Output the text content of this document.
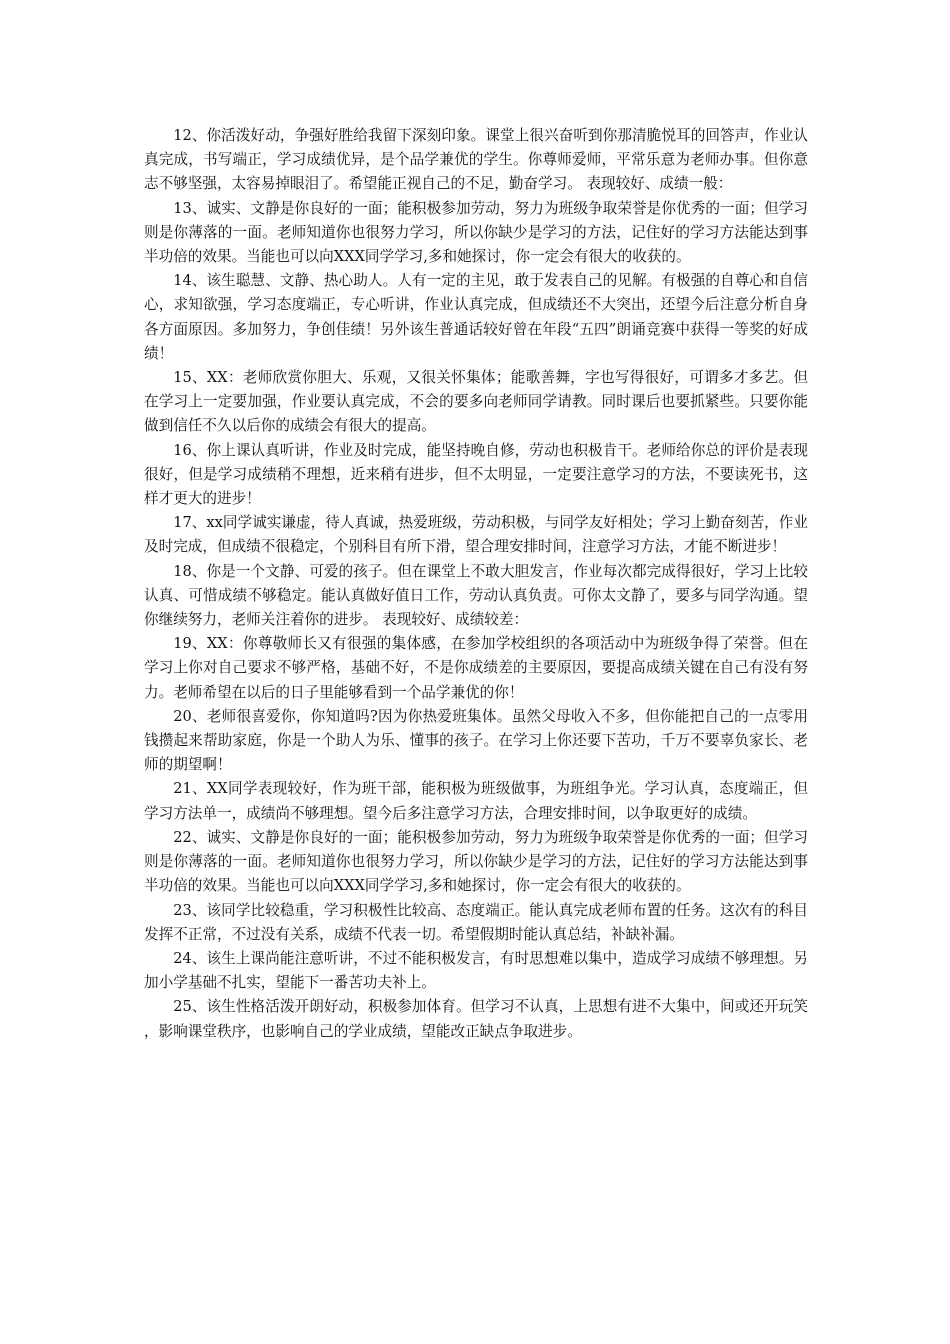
12、你活泼好动，争强好胜给我留下深刻印象。课堂上很兴奋听到你那清脆悦耳的回答声，作业认真完成，书写端正，学习成绩优异，是个品学兼优的学生。你尊师爱师，平常乐意为老师办事。但你意志不够坚强，太容易掉眼泪了。希望能正视自己的不足，勤奋学习。 表现较好、成绩一般：

13、诚实、文静是你良好的一面；能积极参加劳动，努力为班级争取荣誉是你优秀的一面；但学习则是你薄落的一面。老师知道你也很努力学习，所以你缺少是学习的方法，记住好的学习方法能达到事半功倍的效果。当能也可以向XXX同学学习,多和她探讨，你一定会有很大的收获的。

14、该生聪慧、文静、热心助人。人有一定的主见，敢于发表自己的见解。有极强的自尊心和自信心，求知欲强，学习态度端正，专心听讲，作业认真完成，但成绩还不大突出，还望今后注意分析自身各方面原因。多加努力，争创佳绩！另外该生普通话较好曾在年段“五四”朗诵竞赛中获得一等奖的好成绩！

15、XX：老师欣赏你胆大、乐观，又很关怀集体；能歌善舞，字也写得很好，可谓多才多艺。但在学习上一定要加强，作业要认真完成，不会的要多向老师同学请教。同时课后也要抓紧些。只要你能做到信任不久以后你的成绩会有很大的提高。

16、你上课认真听讲，作业及时完成，能坚持晚自修，劳动也积极肯干。老师给你总的评价是表现很好，但是学习成绩稍不理想，近来稍有进步，但不太明显，一定要注意学习的方法，不要读死书，这样才更大的进步！

17、xx同学诚实谦虚，待人真诚，热爱班级，劳动积极，与同学友好相处；学习上勤奋刻苦，作业及时完成，但成绩不很稳定，个别科目有所下滑，望合理安排时间，注意学习方法，才能不断进步！

18、你是一个文静、可爱的孩子。但在课堂上不敢大胆发言，作业每次都完成得很好，学习上比较认真、可惜成绩不够稳定。能认真做好值日工作，劳动认真负责。可你太文静了，要多与同学沟通。望你继续努力，老师关注着你的进步。 表现较好、成绩较差：

19、XX：你尊敬师长又有很强的集体感，在参加学校组织的各项活动中为班级争得了荣誉。但在学习上你对自己要求不够严格，基础不好，不是你成绩差的主要原因，要提高成绩关键在自己有没有努力。老师希望在以后的日子里能够看到一个品学兼优的你！

20、老师很喜爱你，你知道吗?因为你热爱班集体。虽然父母收入不多，但你能把自己的一点零用钱攒起来帮助家庭，你是一个助人为乐、懂事的孩子。在学习上你还要下苦功，千万不要辜负家长、老师的期望啊！

21、XX同学表现较好，作为班干部，能积极为班级做事，为班组争光。学习认真，态度端正，但学习方法单一，成绩尚不够理想。望今后多注意学习方法，合理安排时间，以争取更好的成绩。

22、诚实、文静是你良好的一面；能积极参加劳动，努力为班级争取荣誉是你优秀的一面；但学习则是你薄落的一面。老师知道你也很努力学习，所以你缺少是学习的方法，记住好的学习方法能达到事半功倍的效果。当能也可以向XXX同学学习,多和她探讨，你一定会有很大的收获的。

23、该同学比较稳重，学习积极性比较高、态度端正。能认真完成老师布置的任务。这次有的科目发挥不正常，不过没有关系，成绩不代表一切。希望假期时能认真总结，补缺补漏。

24、该生上课尚能注意听讲，不过不能积极发言，有时思想难以集中，造成学习成绩不够理想。另加小学基础不扎实，望能下一番苦功夫补上。

25、该生性格活泼开朗好动，积极参加体育。但学习不认真，上思想有进不大集中，间或还开玩笑，影响课堂秩序，也影响自己的学业成绩，望能改正缺点争取进步。
